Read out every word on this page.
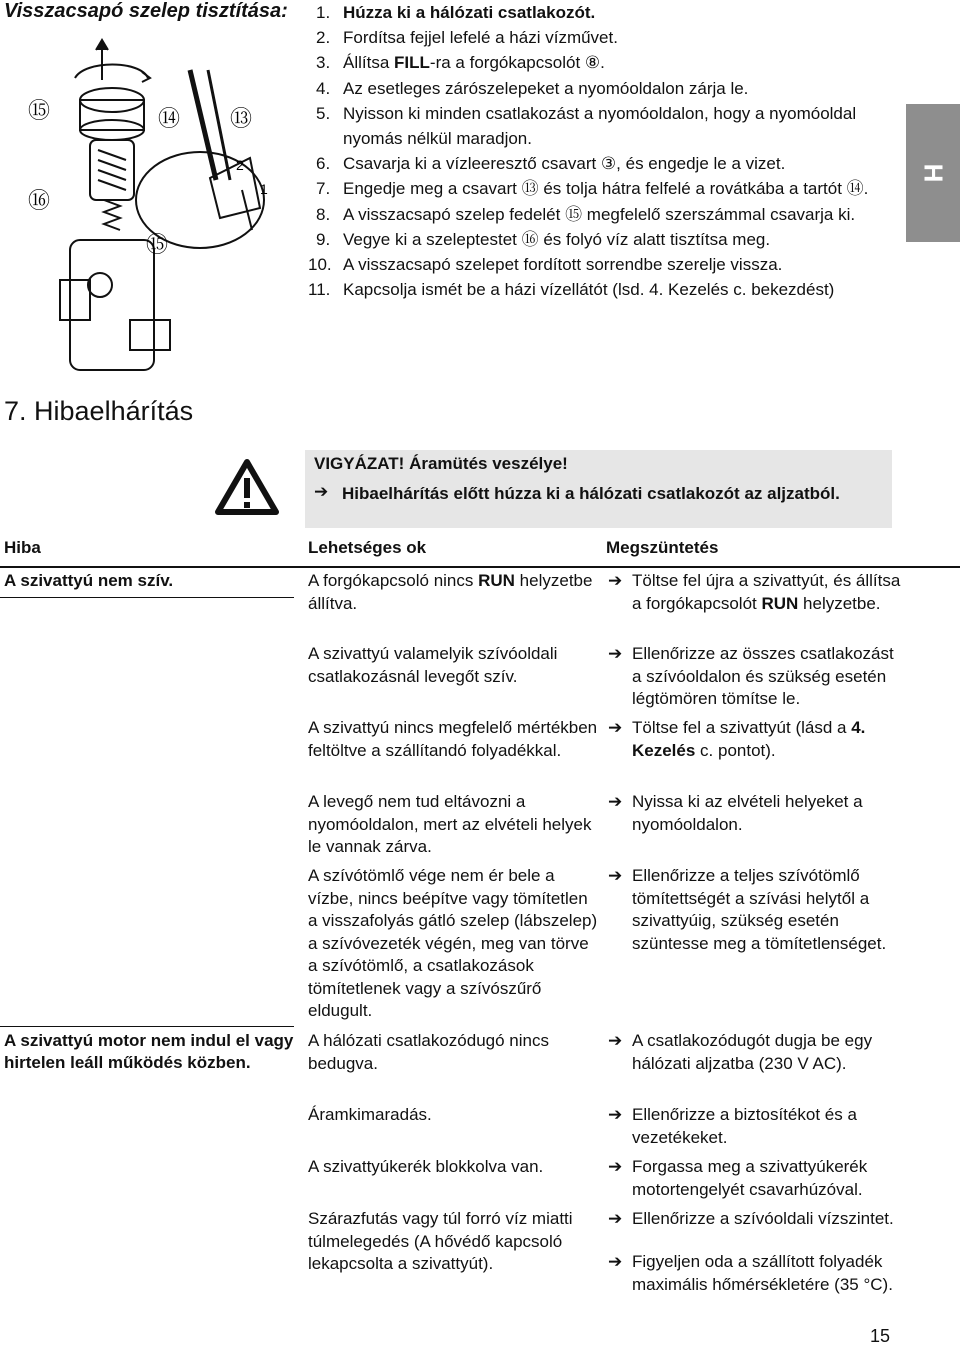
Visszacsapó szelep tisztítása:
⑮	⑭ ⑬
⑯
⑮
2
1
1. Húzza ki a hálózati csatlakozót.
2. Fordítsa fejjel lefelé a házi vízművet.
3. Állítsa FILL-ra a forgókapcsolót ⑧.
4. Az esetleges zárószelepeket a nyomóoldalon zárja le.
5. Nyisson ki minden csatlakozást a nyomóoldalon, hogy a nyomóoldal nyomás nélkül maradjon.
6. Csavarja ki a vízleeresztő csavart ③, és engedje le a vizet.
7. Engedje meg a csavart ⑬ és tolja hátra felfelé a rovátkába a tartót ⑭.
8. A visszacsapó szelep fedelét ⑮ megfelelő szerszámmal csavarja ki.
9. Vegye ki a szeleptestet ⑯ és folyó víz alatt tisztítsa meg.
10. A visszacsapó szelepet fordított sorrendbe szerelje vissza.
11. Kapcsolja ismét be a házi vízellátót (lsd. 4. Kezelés c. bekezdést)
H
7. Hibaelhárítás
VIGYÁZAT! Áramütés veszélye!
➔ Hibaelhárítás előtt húzza ki a hálózati csatlakozót az aljzatból.
Hiba	Lehetséges ok	Megszüntetés
A szivattyú nem szív.	A forgókapcsoló nincs RUN helyzetbe állítva.
➔ Töltse fel újra a szivattyút, és állítsa a forgókapcsolót RUN helyzetbe.
A szivattyú valamelyik szívóoldali csatlakozásnál levegőt szív.
➔ Ellenőrizze az összes csatlakozást a szívóoldalon és szükség esetén légtömören tömítse le.
A szivattyú nincs megfelelő mértékben feltöltve a szállítandó folyadékkal.
➔ Töltse fel a szivattyút (lásd a 4. Kezelés c. pontot).
A levegő nem tud eltávozni a nyomóoldalon, mert az elvételi helyek le vannak zárva.
➔ Nyissa ki az elvételi helyeket a nyomóoldalon.
A szívótömlő vége nem ér bele a vízbe, nincs beépítve vagy tömítetlen a visszafolyás gátló szelep (lábszelep) a szívóvezeték végén, meg van törve a szívótömlő, a csatlakozások tömítetlenek vagy a szívószűrő eldugult.
➔ Ellenőrizze a teljes szívótömlő tömítettségét a szívási helytől a szivattyúig, szükség esetén szüntesse meg a tömítetlenséget.
A szivattyú motor nem indul el vagy hirtelen leáll működés közben.
A hálózati csatlakozódugó nincs bedugva.
➔ A csatlakozódugót dugja be egy hálózati aljzatba (230 V AC).
Áramkimaradás.	➔ Ellenőrizze a biztosítékot és a vezetékeket.
A szivattyúkerék blokkolva van.	➔ Forgassa meg a szivattyúkerék motortengelyét csavarhúzóval.
Szárazfutás vagy túl forró víz miatti túlmelegedés (A hővédő kapcsoló lekapcsolta a szivattyút).
➔ Ellenőrizze a szívóoldali vízszintet.
➔ Figyeljen oda a szállított folyadék maximális hőmérsékletére (35 °C).
15
